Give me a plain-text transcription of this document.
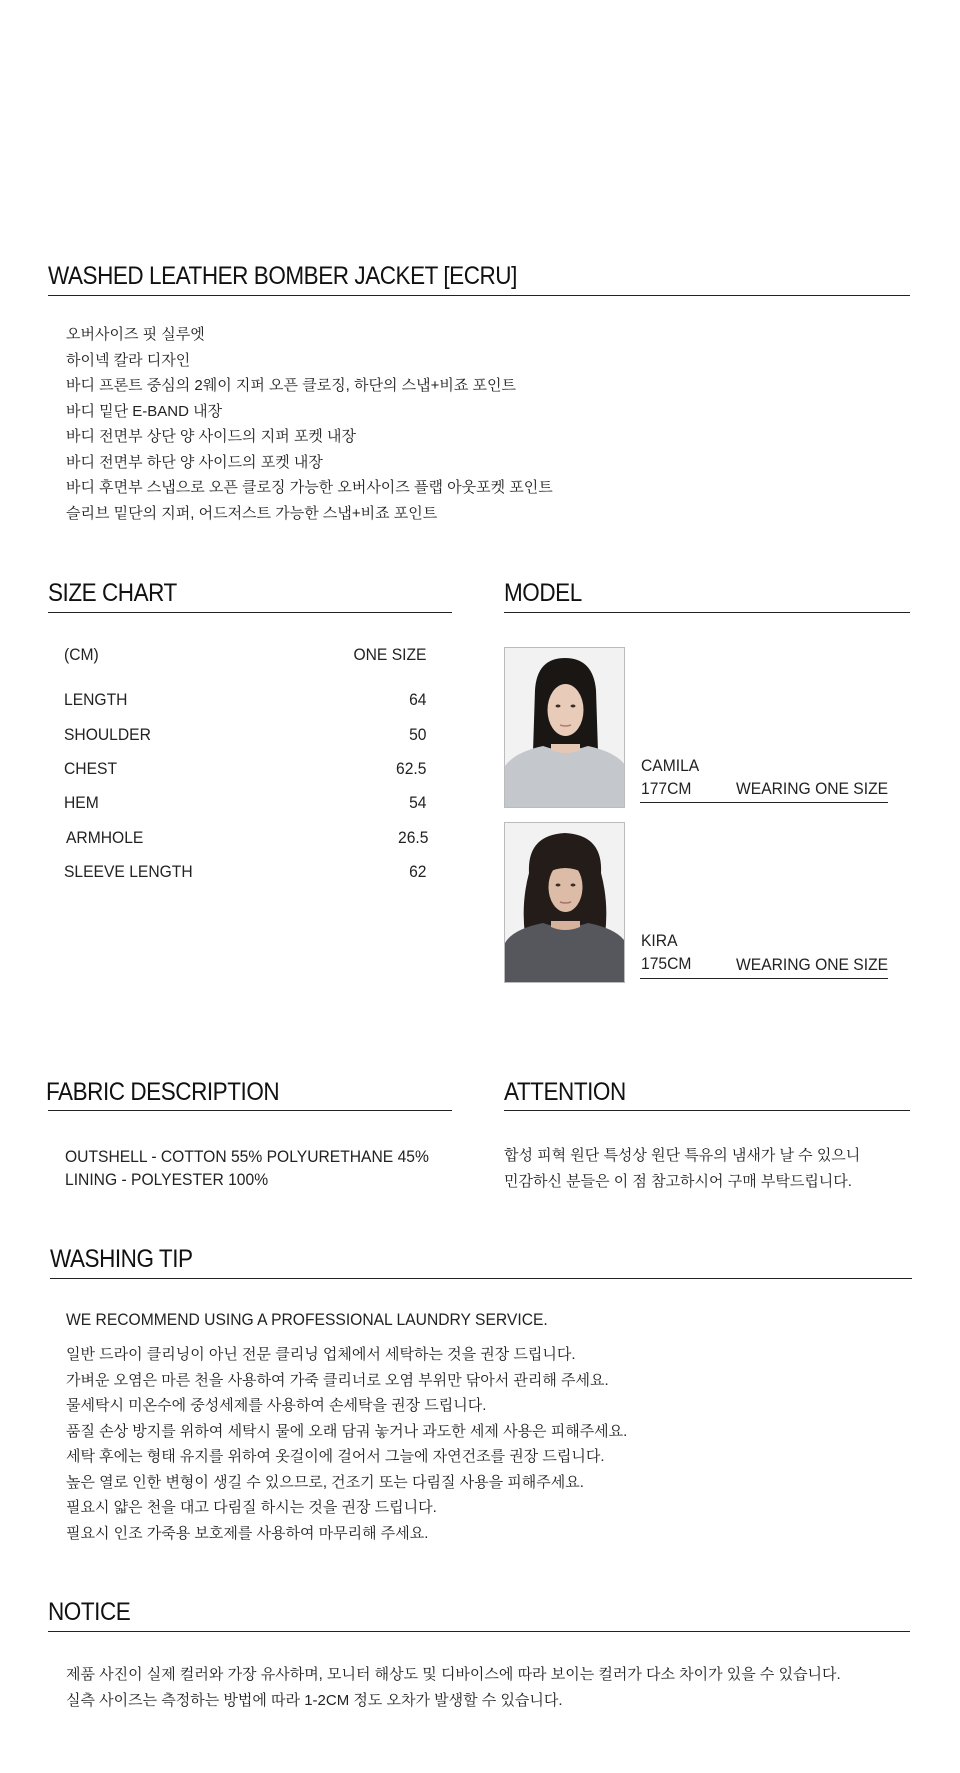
WASHED LEATHER BOMBER JACKET [ECRU]
오버사이즈 핏 실루엣
하이넥 칼라 디자인
바디 프론트 중심의 2웨이 지퍼 오픈 클로징, 하단의 스냅+비죠 포인트
바디 밑단 E-BAND 내장
바디 전면부 상단 양 사이드의 지퍼 포켓 내장
바디 전면부 하단 양 사이드의 포켓 내장
바디 후면부 스냅으로 오픈 클로징 가능한 오버사이즈 플랩 아웃포켓 포인트
슬리브 밑단의 지퍼, 어드저스트 가능한 스냅+비죠 포인트
SIZE CHART
(CM)	ONE SIZE
LENGTH	64
SHOULDER	50
CHEST	62.5
HEM	54
ARMHOLE	26.5
SLEEVE LENGTH	62
MODEL
CAMILA
177CM	WEARING ONE SIZE
KIRA
175CM	WEARING ONE SIZE
FABRIC DESCRIPTION
OUTSHELL - COTTON 55% POLYURETHANE 45%
LINING - POLYESTER 100%
ATTENTION
합성 피혁 원단 특성상 원단 특유의 냄새가 날 수 있으니
민감하신 분들은 이 점 참고하시어 구매 부탁드립니다.
WASHING TIP
WE RECOMMEND USING A PROFESSIONAL LAUNDRY SERVICE.
일반 드라이 클리닝이 아닌 전문 클리닝 업체에서 세탁하는 것을 권장 드립니다.
가벼운 오염은 마른 천을 사용하여 가죽 클리너로 오염 부위만 닦아서 관리해 주세요.
물세탁시 미온수에 중성세제를 사용하여 손세탁을 권장 드립니다.
품질 손상 방지를 위하여 세탁시 물에 오래 담궈 놓거나 과도한 세제 사용은 피해주세요.
세탁 후에는 형태 유지를 위하여 옷걸이에 걸어서 그늘에 자연건조를 권장 드립니다.
높은 열로 인한 변형이 생길 수 있으므로, 건조기 또는 다림질 사용을 피해주세요.
필요시 얇은 천을 대고 다림질 하시는 것을 권장 드립니다.
필요시 인조 가죽용 보호제를 사용하여 마무리해 주세요.
NOTICE
제품 사진이 실제 컬러와 가장 유사하며, 모니터 해상도 및 디바이스에 따라 보이는 컬러가 다소 차이가 있을 수 있습니다.
실측 사이즈는 측정하는 방법에 따라 1-2CM 정도 오차가 발생할 수 있습니다.
